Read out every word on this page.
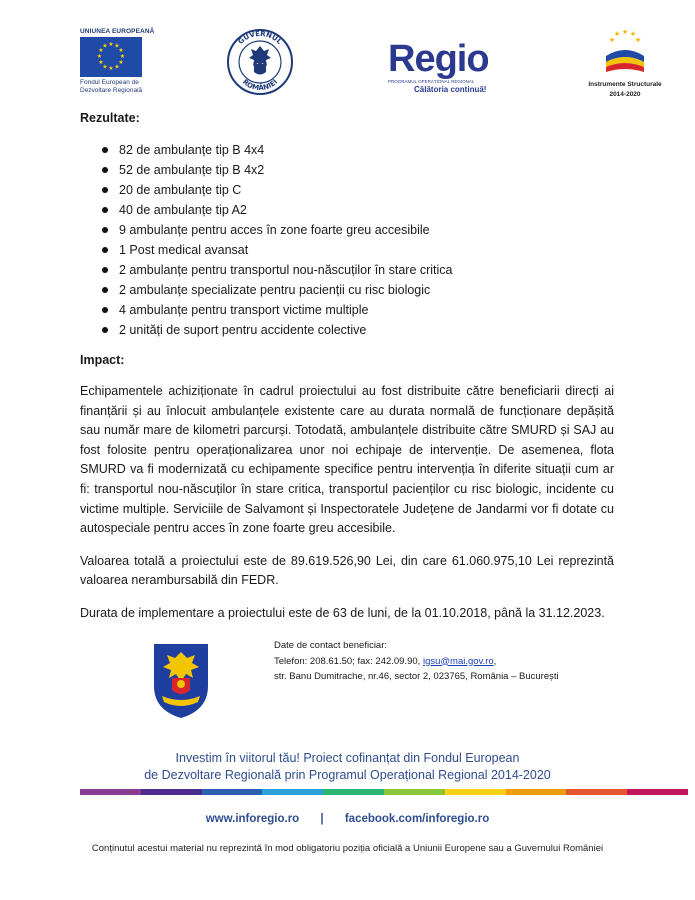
UNIUNEA EUROPEANĂ
★ ★
★
★
★
★
★
★
★
★
★
★
Fondul European de
Dezvoltare Regională
GUVERNUL
ROMÂNIEI
Regio
PROGRAMUL OPERAȚIONAL REGIONAL
Călătoria continuă!
★ ★
★
★
★
Instrumente Structurale
2014-2020

Rezultate:

82 de ambulanțe tip B 4x4
52 de ambulanțe tip B 4x2
20 de ambulanțe tip C
40 de ambulanțe tip A2
9 ambulanțe pentru acces în zone foarte greu accesibile
1 Post medical avansat
2 ambulanțe pentru transportul nou-născuților în stare critica
2 ambulanțe specializate pentru pacienții cu risc biologic
4 ambulanțe pentru transport victime multiple
2 unități de suport pentru accidente colective

Impact:

Echipamentele achiziționate în cadrul proiectului au fost distribuite către beneficiarii direcți ai finanțării și au înlocuit ambulanțele existente care au durata normală de funcționare depășită sau număr mare de kilometri parcurși. Totodată, ambulanțele distribuite către SMURD și SAJ au fost folosite pentru operaționalizarea unor noi echipaje de intervenție. De asemenea, flota SMURD va fi modernizată cu echipamente specifice pentru intervenția în diferite situații cum ar fi: transportul nou-născuților în stare critica, transportul pacienților cu risc biologic, incidente cu victime multiple. Serviciile de Salvamont și Inspectoratele Județene de Jandarmi vor fi dotate cu autospeciale pentru acces în zone foarte greu accesibile.

Valoarea totală a proiectului este de 89.619.526,90 Lei, din care 61.060.975,10 Lei reprezintă valoarea nerambursabilă din FEDR.

Durata de implementare a proiectului este de 63 de luni, de la 01.10.2018, până la 31.12.2023.

Date de contact beneficiar:
Telefon: 208.61.50; fax: 242.09.90, igsu@mai.gov.ro,
str. Banu Dumitrache, nr.46, sector 2, 023765, România – București
Investim în viitorul tău! Proiect cofinanțat din Fondul European
de Dezvoltare Regională prin Programul Operațional Regional 2014-2020
www.inforegio.ro | facebook.com/inforegio.ro
Conținutul acestui material nu reprezintă în mod obligatoriu poziția oficială a Uniunii Europene sau a Guvernului României
